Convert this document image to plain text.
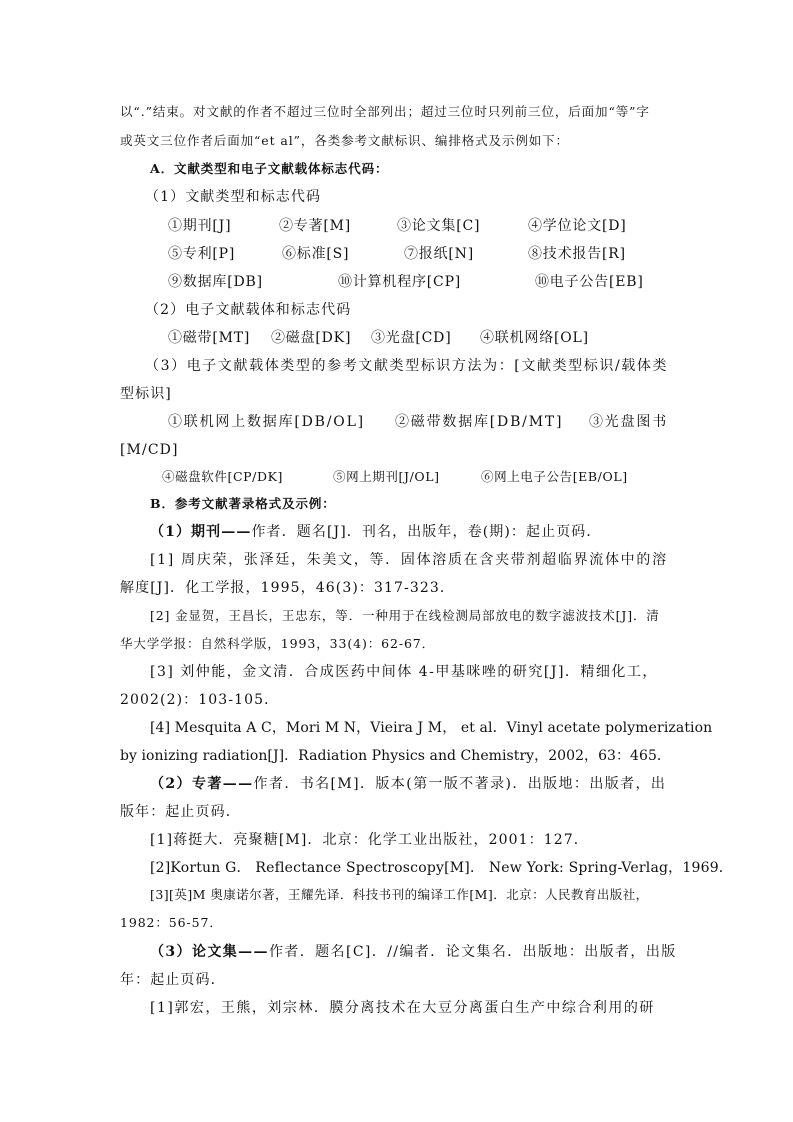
以“.”结束。对文献的作者不超过三位时全部列出；超过三位时只列前三位，后面加“等”字
或英文三位作者后面加“et al”，各类参考文献标识、编排格式及示例如下：
A．文献类型和电子文献载体标志代码：
（1）文献类型和标志代码
①期刊[J]	②专著[M]	③论文集[C]	④学位论文[D]
⑤专利[P]	⑥标准[S]	⑦报纸[N]	⑧技术报告[R]
⑨数据库[DB]	⑩计算机程序[CP]	⑩电子公告[EB]
（2）电子文献载体和标志代码
①磁带[MT] ②磁盘[DK] ③光盘[CD] ④联机网络[OL]
（3）电子文献载体类型的参考文献类型标识方法为：[文献类型标识/载体类
型标识]
①联机网上数据库[DB/OL] ②磁带数据库[DB/MT] ③光盘图书
[M/CD]
④磁盘软件[CP/DK]	⑤网上期刊[J/OL]	⑥网上电子公告[EB/OL]
B．参考文献著录格式及示例：
（1）期刊——作者．题名[J]．刊名，出版年，卷(期)：起止页码．
[1] 周庆荣，张泽廷，朱美文，等．固体溶质在含夹带剂超临界流体中的溶
解度[J]．化工学报，1995，46(3)：317-323．
[2] 金显贺，王昌长，王忠东，等．一种用于在线检测局部放电的数字滤波技术[J]．清
华大学学报：自然科学版，1993，33(4)：62-67．
[3] 刘仲能，金文清．合成医药中间体 4-甲基咪唑的研究[J]．精细化工，
2002(2)：103-105．
[4] Mesquita A C，Mori M N，Vieira J M， et al．Vinyl acetate polymerization
by ionizing radiation[J]．Radiation Physics and Chemistry，2002，63：465．
（2）专著——作者．书名[M]．版本(第一版不著录)．出版地：出版者，出
版年：起止页码．
[1]蒋挺大．亮聚糖[M]．北京：化学工业出版社，2001：127．
[2]Kortun G． Reflectance Spectroscopy[M]． New York: Spring-Verlag，1969．
[3][英]M 奥康诺尔著，王耀先译．科技书刊的编译工作[M]．北京：人民教育出版社，
1982：56-57．
（3）论文集——作者．题名[C]．//编者．论文集名．出版地：出版者，出版
年：起止页码．
[1]郭宏，王熊，刘宗林．膜分离技术在大豆分离蛋白生产中综合利用的研
